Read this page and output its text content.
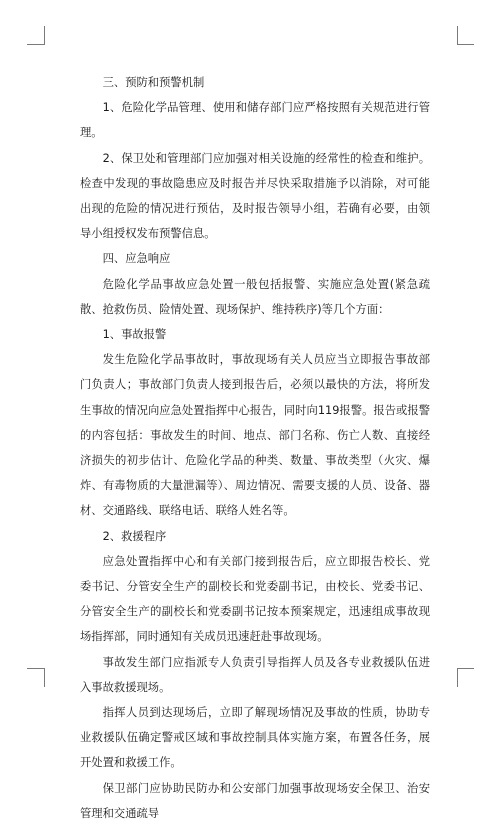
三、预防和预警机制

1、危险化学品管理、使用和储存部门应严格按照有关规范进行管理。

2、保卫处和管理部门应加强对相关设施的经常性的检查和维护。检查中发现的事故隐患应及时报告并尽快采取措施予以消除，对可能出现的危险的情况进行预估，及时报告领导小组，若确有必要，由领导小组授权发布预警信息。

四、应急响应

危险化学品事故应急处置一般包括报警、实施应急处置(紧急疏散、抢救伤员、险情处置、现场保护、维持秩序)等几个方面：

1、事故报警

发生危险化学品事故时，事故现场有关人员应当立即报告事故部门负责人；事故部门负责人接到报告后，必须以最快的方法，将所发生事故的情况向应急处置指挥中心报告，同时向119报警。报告或报警的内容包括：事故发生的时间、地点、部门名称、伤亡人数、直接经济损失的初步估计、危险化学品的种类、数量、事故类型（火灾、爆炸、有毒物质的大量泄漏等）、周边情况、需要支援的人员、设备、器材、交通路线、联络电话、联络人姓名等。

2、救援程序

应急处置指挥中心和有关部门接到报告后，应立即报告校长、党委书记、分管安全生产的副校长和党委副书记，由校长、党委书记、分管安全生产的副校长和党委副书记按本预案规定，迅速组成事故现场指挥部，同时通知有关成员迅速赶赴事故现场。

事故发生部门应指派专人负责引导指挥人员及各专业救援队伍进入事故救援现场。

指挥人员到达现场后，立即了解现场情况及事故的性质，协助专业救援队伍确定警戒区域和事故控制具体实施方案，布置各任务，展开处置和救援工作。

保卫部门应协助民防办和公安部门加强事故现场安全保卫、治安管理和交通疏导
